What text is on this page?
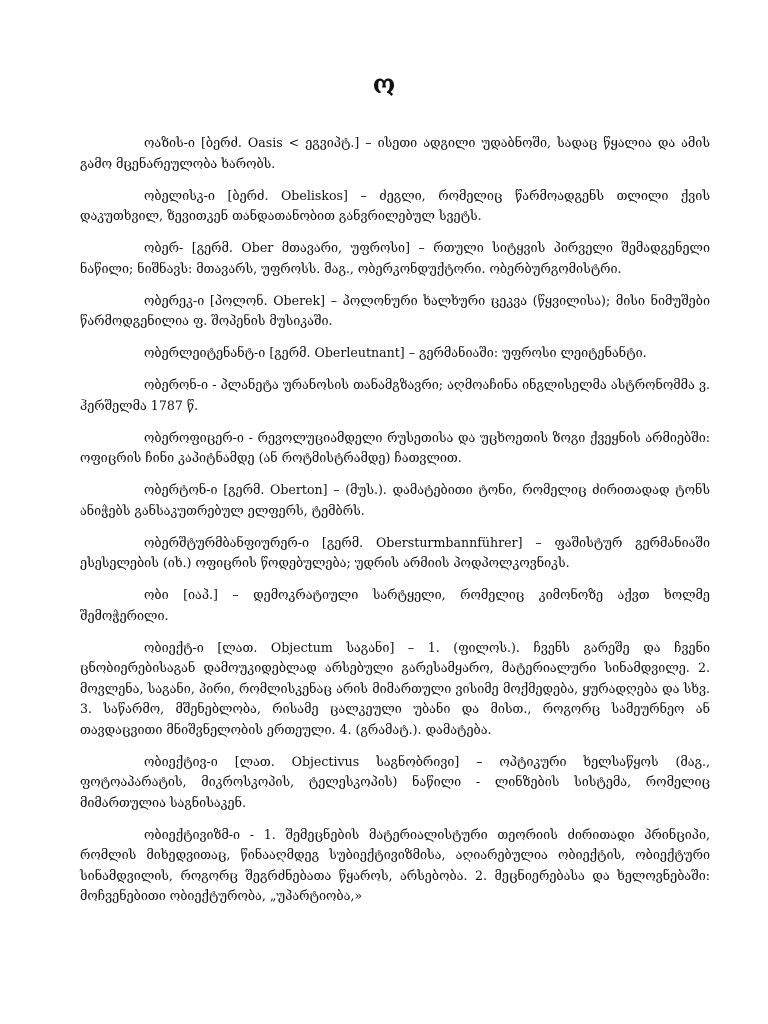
ო

ოაზის-ი [ბერძ. Oasis < ეგვიპტ.] – ისეთი ადგილი უდაბნოში, სადაც წყალია და ამის გამო მცენარეულობა ხარობს.

ობელისკ-ი [ბერძ. Obeliskos] – ძეგლი, რომელიც წარმოადგენს თლილი ქვის დაკუთხვილ, ზევითკენ თანდათანობით განვრილებულ სვეტს.

ობერ- [გერმ. Ober მთავარი, უფროსი] – რთული სიტყვის პირველი შემადგენელი ნაწილი; ნიშნავს: მთავარს, უფროსს. მაგ., ობერკონდუქტორი. ობერბურგომისტრი.

ობერეკ-ი [პოლონ. Oberek] – პოლონური ხალხური ცეკვა (წყვილისა); მისი ნიმუშები წარმოდგენილია ფ. შოპენის მუსიკაში.

ობერლეიტენანტ-ი [გერმ. Oberleutnant] – გერმანიაში: უფროსი ლეიტენანტი.

ობერონ-ი - პლანეტა ურანოსის თანამგზავრი; აღმოაჩინა ინგლისელმა ასტრონომმა ვ. ჰერშელმა 1787 წ.

ობეროფიცერ-ი - რევოლუციამდელი რუსეთისა და უცხოეთის ზოგი ქვეყნის არმიებში: ოფიცრის ჩინი კაპიტნამდე (ან როტმისტრამდე) ჩათვლით.

ობერტონ-ი [გერმ. Oberton] – (მუს.). დამატებითი ტონი, რომელიც ძირითადად ტონს ანიჭებს განსაკუთრებულ ელფერს, ტემბრს.

ობერშტურმბანფიურერ-ი [გერმ. Obersturmbannführer] – ფაშისტურ გერმანიაში ესესელების (იხ.) ოფიცრის წოდებულება; უდრის არმიის პოდპოლკოვნიკს.

ობი [იაპ.] – დემოკრატიული სარტყელი, რომელიც კიმონოზე აქვთ ხოლმე შემოჭერილი.

ობიექტ-ი [ლათ. Objectum საგანი] – 1. (ფილოს.). ჩვენს გარეშე და ჩვენი ცნობიერებისაგან დამოუკიდებლად არსებული გარესამყარო, მატერიალური სინამდვილე. 2. მოვლენა, საგანი, პირი, რომლისკენაც არის მიმართული ვისიმე მოქმედება, ყურადღება და სხვ. 3. საწარმო, მშენებლობა, რისამე ცალკეული უბანი და მისთ., როგორც სამეურნეო ან თავდაცვითი მნიშვნელობის ერთეული. 4. (გრამატ.). დამატება.

ობიექტივ-ი [ლათ. Objectivus საგნობრივი] – ოპტიკური ხელსაწყოს (მაგ., ფოტოაპარატის, მიკროსკოპის, ტელესკოპის) ნაწილი - ლინზების სისტემა, რომელიც მიმართულია საგნისაკენ.

ობიექტივიზმ-ი - 1. შემეცნების მატერიალისტური თეორიის ძირითადი პრინციპი, რომლის მიხედვითაც, წინააღმდეგ სუბიექტივიზმისა, აღიარებულია ობიექტის, ობიექტური სინამდვილის, როგორც შეგრძნებათა წყაროს, არსებობა. 2. მეცნიერებასა და ხელოვნებაში: მოჩვენებითი ობიექტურობა, „უპარტიობა,»
